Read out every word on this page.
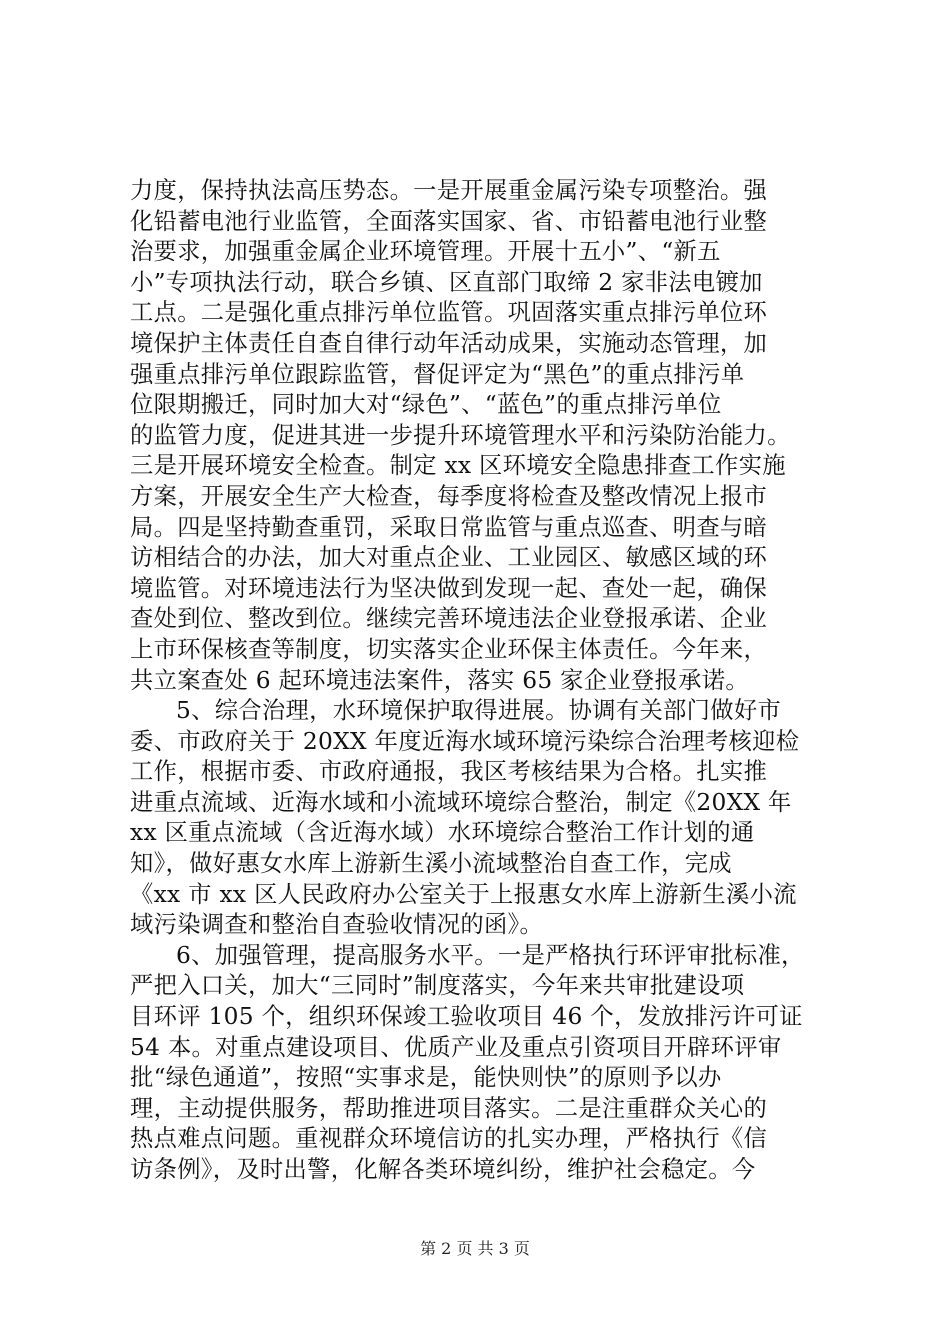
力度，保持执法高压势态。一是开展重金属污染专项整治。强
化铅蓄电池行业监管，全面落实国家、省、市铅蓄电池行业整
治要求，加强重金属企业环境管理。开展十五小”、“新五
小”专项执法行动，联合乡镇、区直部门取缔 2 家非法电镀加
工点。二是强化重点排污单位监管。巩固落实重点排污单位环
境保护主体责任自查自律行动年活动成果，实施动态管理，加
强重点排污单位跟踪监管，督促评定为“黑色”的重点排污单
位限期搬迁，同时加大对“绿色”、“蓝色”的重点排污单位
的监管力度，促进其进一步提升环境管理水平和污染防治能力。
三是开展环境安全检查。制定 xx 区环境安全隐患排查工作实施
方案，开展安全生产大检查，每季度将检查及整改情况上报市
局。四是坚持勤查重罚，采取日常监管与重点巡查、明查与暗
访相结合的办法，加大对重点企业、工业园区、敏感区域的环
境监管。对环境违法行为坚决做到发现一起、查处一起，确保
查处到位、整改到位。继续完善环境违法企业登报承诺、企业
上市环保核查等制度，切实落实企业环保主体责任。今年来，
共立案查处 6 起环境违法案件，落实 65 家企业登报承诺。
5、综合治理，水环境保护取得进展。协调有关部门做好市
委、市政府关于 20XX 年度近海水域环境污染综合治理考核迎检
工作，根据市委、市政府通报，我区考核结果为合格。扎实推
进重点流域、近海水域和小流域环境综合整治，制定《20XX 年
xx 区重点流域（含近海水域）水环境综合整治工作计划的通
知》，做好惠女水库上游新生溪小流域整治自查工作，完成
《xx 市 xx 区人民政府办公室关于上报惠女水库上游新生溪小流
域污染调查和整治自查验收情况的函》。
6、加强管理，提高服务水平。一是严格执行环评审批标准，
严把入口关，加大“三同时”制度落实，今年来共审批建设项
目环评 105 个，组织环保竣工验收项目 46 个，发放排污许可证
54 本。对重点建设项目、优质产业及重点引资项目开辟环评审
批“绿色通道”，按照“实事求是，能快则快”的原则予以办
理，主动提供服务，帮助推进项目落实。二是注重群众关心的
热点难点问题。重视群众环境信访的扎实办理，严格执行《信
访条例》，及时出警，化解各类环境纠纷，维护社会稳定。今
第 2 页 共 3 页
